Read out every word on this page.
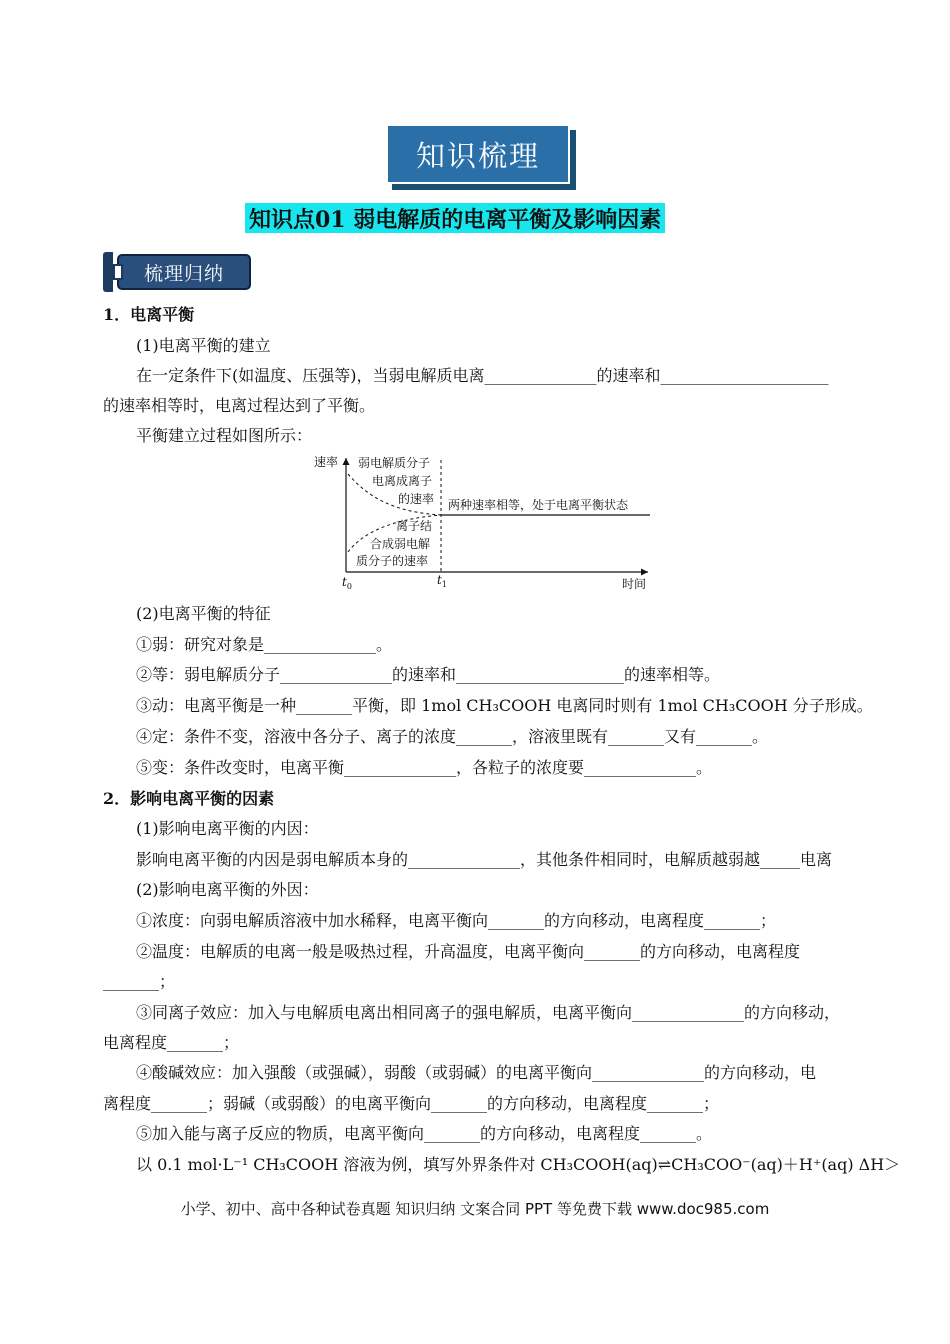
知识梳理
知识点01 弱电解质的电离平衡及影响因素
梳理归纳
1．电离平衡
(1)电离平衡的建立
在一定条件下(如温度、压强等)，当弱电解质电离______________的速率和_____________________
的速率相等时，电离过程达到了平衡。
平衡建立过程如图所示：
速率
时间
$t_0$	$t_1$
弱电解质分子
电离成离子
的速率
离子结
合成弱电解
质分子的速率
两种速率相等，处于电离平衡状态
(2)电离平衡的特征
①弱：研究对象是______________。
②等：弱电解质分子______________的速率和_____________________的速率相等。
③动：电离平衡是一种_______平衡，即 1mol CH₃COOH 电离同时则有 1mol CH₃COOH 分子形成。
④定：条件不变，溶液中各分子、离子的浓度_______，溶液里既有_______又有_______。
⑤变：条件改变时，电离平衡______________，各粒子的浓度要______________。
2．影响电离平衡的因素
(1)影响电离平衡的内因：
影响电离平衡的内因是弱电解质本身的______________，其他条件相同时，电解质越弱越_____电离
(2)影响电离平衡的外因：
①浓度：向弱电解质溶液中加水稀释，电离平衡向_______的方向移动，电离程度_______；
②温度：电解质的电离一般是吸热过程，升高温度，电离平衡向_______的方向移动，电离程度
_______；
③同离子效应：加入与电解质电离出相同离子的强电解质，电离平衡向______________的方向移动，
电离程度_______；
④酸碱效应：加入强酸（或强碱），弱酸（或弱碱）的电离平衡向______________的方向移动，电
离程度_______；弱碱（或弱酸）的电离平衡向_______的方向移动，电离程度_______；
⑤加入能与离子反应的物质，电离平衡向_______的方向移动，电离程度_______。
以 0.1 mol·L⁻¹ CH₃COOH 溶液为例，填写外界条件对 CH₃COOH(aq)⇌CH₃COO⁻(aq)＋H⁺(aq) ΔH＞
小学、初中、高中各种试卷真题 知识归纳 文案合同 PPT 等免费下载 www.doc985.com
